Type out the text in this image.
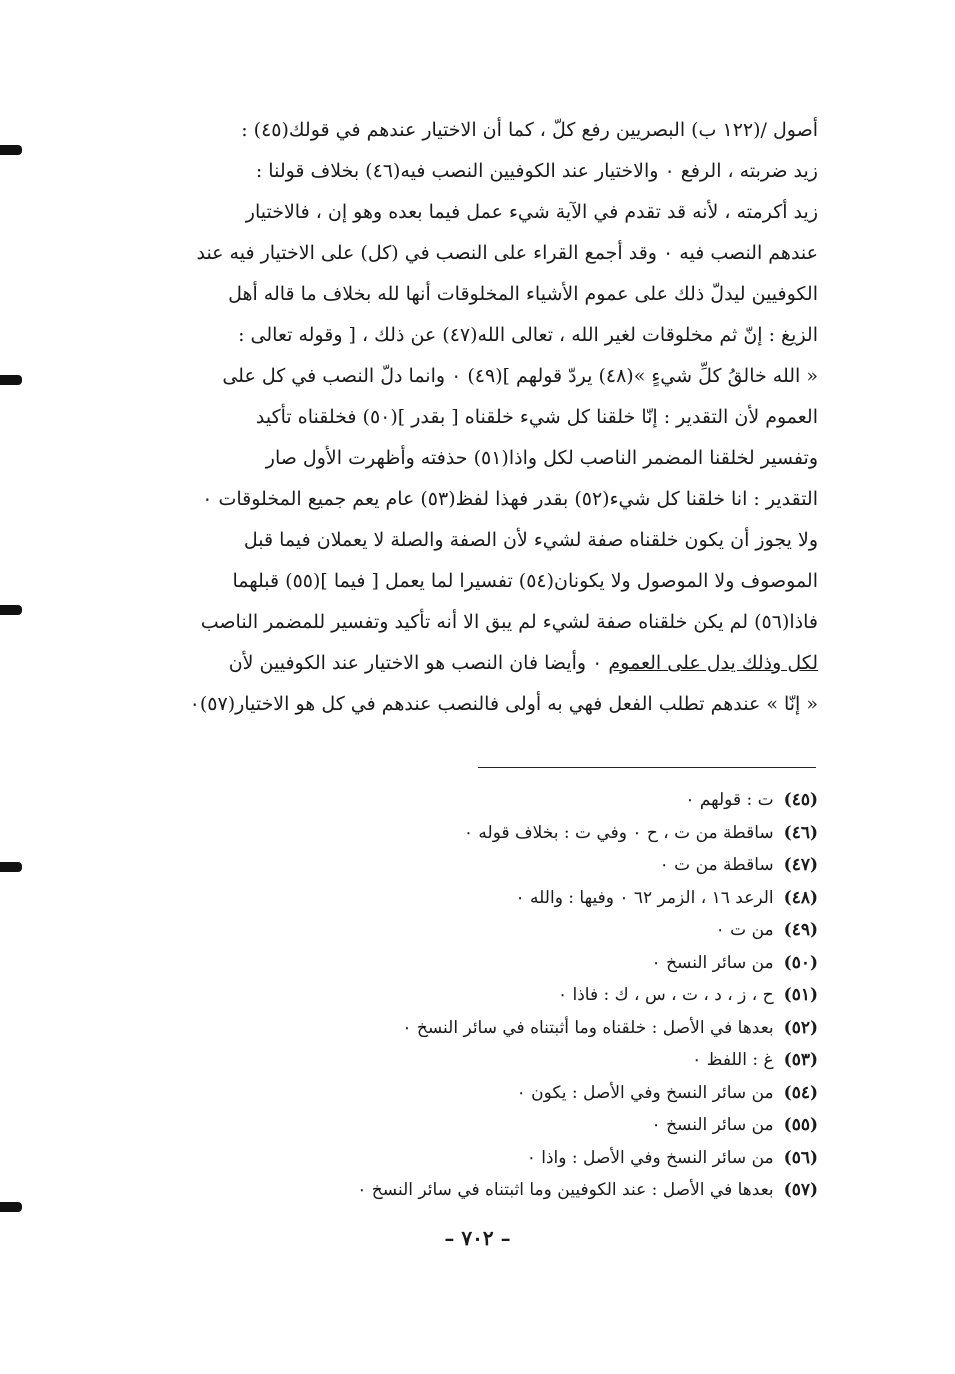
أصول /(١٢٢ ب) البصريين رفع كلّ ، كما أن الاختيار عندهم في قولك(٤٥) :
زيد ضربته ، الرفع ۰ والاختيار عند الكوفيين النصب فيه(٤٦) بخلاف قولنا :
زيد أكرمته ، لأنه قد تقدم في الآية شيء عمل فيما بعده وهو إن ، فالاختيار
عندهم النصب فيه ۰ وقد أجمع القراء على النصب في (كل) على الاختيار فيه عند
الكوفيين ليدلّ ذلك على عموم الأشياء المخلوقات أنها لله بخلاف ما قاله أهل
الزيغ : إنّ ثم مخلوقات لغير الله ، تعالى الله(٤٧) عن ذلك ، [ وقوله تعالى :
« الله خالقُ كلِّ شيءٍ »(٤٨) يردّ قولهم ](٤٩) ۰ وانما دلّ النصب في كل على
العموم لأن التقدير : إنّا خلقنا كل شيء خلقناه [ بقدر ](٥٠) فخلقناه تأكيد
وتفسير لخلقنا المضمر الناصب لكل واذا(٥١) حذفته وأظهرت الأول صار
التقدير : انا خلقنا كل شيء(٥٢) بقدر فهذا لفظ(٥٣) عام يعم جميع المخلوقات ۰
ولا يجوز أن يكون خلقناه صفة لشيء لأن الصفة والصلة لا يعملان فيما قبل
الموصوف ولا الموصول ولا يكونان(٥٤) تفسيرا لما يعمل [ فيما ](٥٥) قبلهما
فاذا(٥٦) لم يكن خلقناه صفة لشيء لم يبق الا أنه تأكيد وتفسير للمضمر الناصب
لكل وذلك يدل على العموم ۰ وأيضا فان النصب هو الاختيار عند الكوفيين لأن
« إنّا » عندهم تطلب الفعل فهي به أولى فالنصب عندهم في كل هو الاختيار(٥٧)۰
(٤٥)ت : قولهم ۰
(٤٦)ساقطة من ت ، ح ۰ وفي ت : بخلاف قوله ۰
(٤٧)ساقطة من ت ۰
(٤٨)الرعد ١٦ ، الزمر ٦٢ ۰ وفيها : والله ۰
(٤٩)من ت ۰
(٥٠)من سائر النسخ ۰
(٥١)ح ، ز ، د ، ت ، س ، ك : فاذا ۰
(٥٢)بعدها في الأصل : خلقناه وما أثبتناه في سائر النسخ ۰
(٥٣)غ : اللفظ ۰
(٥٤)من سائر النسخ وفي الأصل : يكون ۰
(٥٥)من سائر النسخ ۰
(٥٦)من سائر النسخ وفي الأصل : واذا ۰
(٥٧)بعدها في الأصل : عند الكوفيين وما اثبتناه في سائر النسخ ۰
– ٧٠٢ –
